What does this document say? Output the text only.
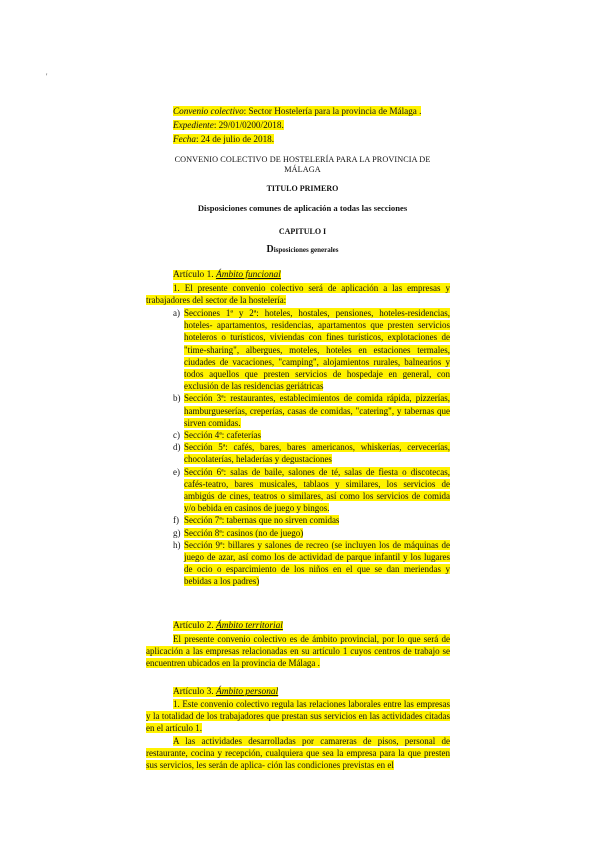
'
Convenio colectivo: Sector Hostelería para la provincia de Málaga .
Expediente: 29/01/0200/2018.
Fecha: 24 de julio de 2018.
CONVENIO COLECTIVO DE HOSTELERÍA PARA LA PROVINCIA DE MÁLAGA
TITULO PRIMERO
Disposiciones comunes de aplicación a todas las secciones
CAPITULO I
Disposiciones generales
Artículo 1. Ámbito funcional
1. El presente convenio colectivo será de aplicación a las empresas y trabajadores del sector de la hostelería:
a) Secciones 1ª y 2ª: hoteles, hostales, pensiones, hoteles-residencias, hoteles- apartamentos, residencias, apartamentos que presten servicios hoteleros o turísticos, viviendas con fines turísticos, explotaciones de "time-sharing", albergues, moteles, hoteles en estaciones termales, ciudades de vacaciones, "camping", alojamientos rurales, balnearios y todos aquellos que presten servicios de hospedaje en general, con exclusión de las residencias geriátricas
b) Sección 3ª: restaurantes, establecimientos de comida rápida, pizzerías, hamburgueserías, creperías, casas de comidas, "catering", y tabernas que sirven comidas.
c) Sección 4ª: cafeterías
d) Sección 5ª: cafés, bares, bares americanos, whiskerías, cervecerías, chocolaterías, heladerías y degustaciones
e) Sección 6ª: salas de baile, salones de té, salas de fiesta o discotecas, cafés-teatro, bares musicales, tablaos y similares, los servicios de ambigús de cines, teatros o similares, así como los servicios de comida y/o bebida en casinos de juego y bingos.
f) Sección 7ª: tabernas que no sirven comidas
g) Sección 8ª: casinos (no de juego)
h) Sección 9ª: billares y salones de recreo (se incluyen los de máquinas de juego de azar, así como los de actividad de parque infantil y los lugares de ocio o esparcimiento de los niños en el que se dan meriendas y bebidas a los padres)
Artículo 2. Ámbito territorial
El presente convenio colectivo es de ámbito provincial, por lo que será de aplicación a las empresas relacionadas en su artículo 1 cuyos centros de trabajo se encuentren ubicados en la provincia de Málaga .
Artículo 3. Ámbito personal
1. Este convenio colectivo regula las relaciones laborales entre las empresas y la totalidad de los trabajadores que prestan sus servicios en las actividades citadas en el artículo 1.
A las actividades desarrolladas por camareras de pisos, personal de restaurante, cocina y recepción, cualquiera que sea la empresa para la que presten sus servicios, les serán de aplica- ción las condiciones previstas en el
